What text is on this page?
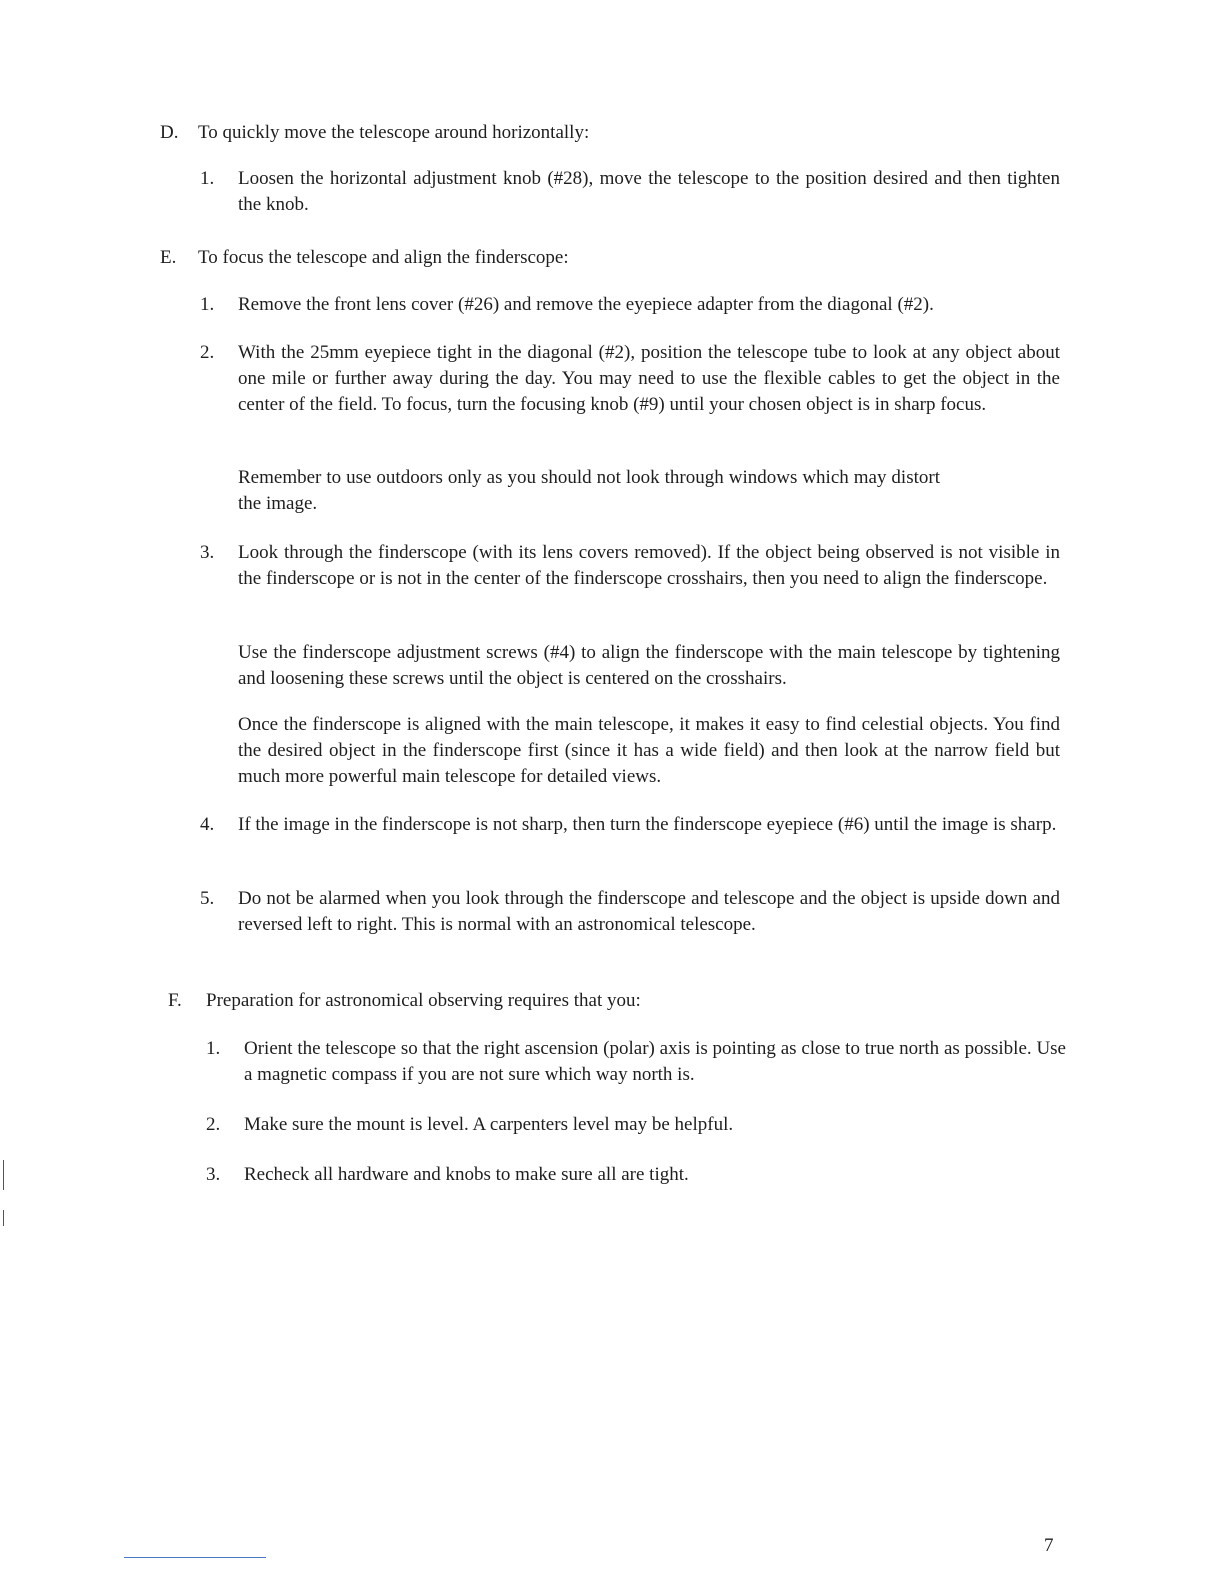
D. To quickly move the telescope around horizontally:
1. Loosen the horizontal adjustment knob (#28), move the telescope to the position desired and then tighten the knob.
E. To focus the telescope and align the finderscope:
1. Remove the front lens cover (#26) and remove the eyepiece adapter from the diagonal (#2).
2. With the 25mm eyepiece tight in the diagonal (#2), position the telescope tube to look at any object about one mile or further away during the day. You may need to use the flexible cables to get the object in the center of the field. To focus, turn the focusing knob (#9) until your chosen object is in sharp focus.
Remember to use outdoors only as you should not look through windows which may distort the image.
3. Look through the finderscope (with its lens covers removed). If the object being observed is not visible in the finderscope or is not in the center of the finderscope crosshairs, then you need to align the finderscope.
Use the finderscope adjustment screws (#4) to align the finderscope with the main telescope by tightening and loosening these screws until the object is centered on the crosshairs.
Once the finderscope is aligned with the main telescope, it makes it easy to find celestial objects. You find the desired object in the finderscope first (since it has a wide field) and then look at the narrow field but much more powerful main telescope for detailed views.
4. If the image in the finderscope is not sharp, then turn the finderscope eyepiece (#6) until the image is sharp.
5. Do not be alarmed when you look through the finderscope and telescope and the object is upside down and reversed left to right. This is normal with an astronomical telescope.
F. Preparation for astronomical observing requires that you:
1. Orient the telescope so that the right ascension (polar) axis is pointing as close to true north as possible. Use a magnetic compass if you are not sure which way north is.
2. Make sure the mount is level. A carpenters level may be helpful.
3. Recheck all hardware and knobs to make sure all are tight.
7
